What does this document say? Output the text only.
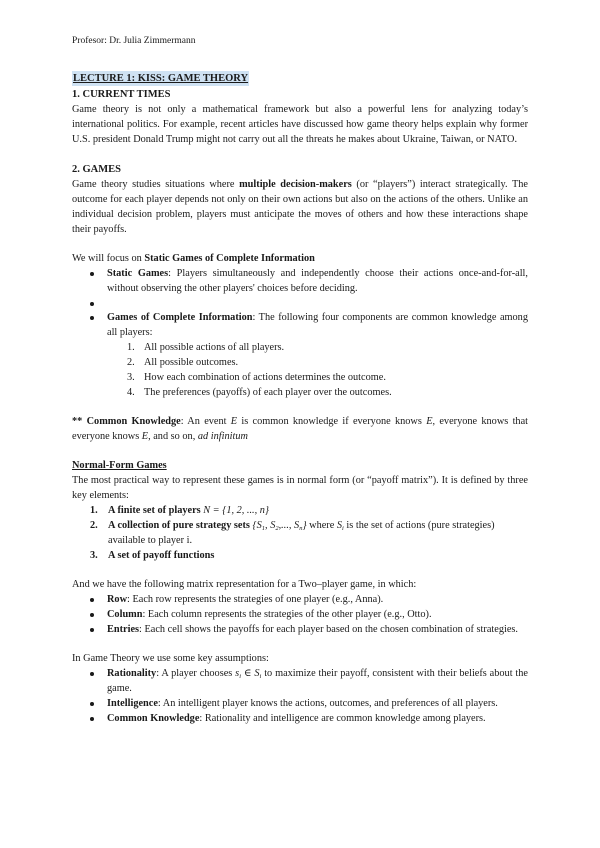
Profesor: Dr. Julia Zimmermann
LECTURE 1: KISS: GAME THEORY
1. CURRENT TIMES

Game theory is not only a mathematical framework but also a powerful lens for analyzing today’s international politics. For example, recent articles have discussed how game theory helps explain why former U.S. president Donald Trump might not carry out all the threats he makes about Ukraine, Taiwan, or NATO.

2. GAMES

Game theory studies situations where multiple decision-makers (or “players”) interact strategically. The outcome for each player depends not only on their own actions but also on the actions of the others. Unlike an individual decision problem, players must anticipate the moves of others and how these interactions shape their payoffs.

We will focus on Static Games of Complete Information

Static Games: Players simultaneously and independently choose their actions once-and-for-all, without observing the other players' choices before deciding.
Games of Complete Information: The following four components are common knowledge among all players:
1. All possible actions of all players.
2. All possible outcomes.
3. How each combination of actions determines the outcome.
4. The preferences (payoffs) of each player over the outcomes.

** Common Knowledge: An event E is common knowledge if everyone knows E, everyone knows that everyone knows E, and so on, ad infinitum

Normal-Form Games

The most practical way to represent these games is in normal form (or “payoff matrix”). It is defined by three key elements:

1. A finite set of players N = {1, 2, ..., n}
2. A collection of pure strategy sets {$S_1$, $S_2$,..., $S_n$} where $S_i$ is the set of actions (pure strategies) available to player i.
3. A set of payoff functions

And we have the following matrix representation for a Two–player game, in which:

Row: Each row represents the strategies of one player (e.g., Anna).
Column: Each column represents the strategies of the other player (e.g., Otto).
Entries: Each cell shows the payoffs for each player based on the chosen combination of strategies.

In Game Theory we use some key assumptions:

Rationality: A player chooses $s_i$ ∈ $S_i$ to maximize their payoff, consistent with their beliefs about the game.
Intelligence: An intelligent player knows the actions, outcomes, and preferences of all players.
Common Knowledge: Rationality and intelligence are common knowledge among players.
